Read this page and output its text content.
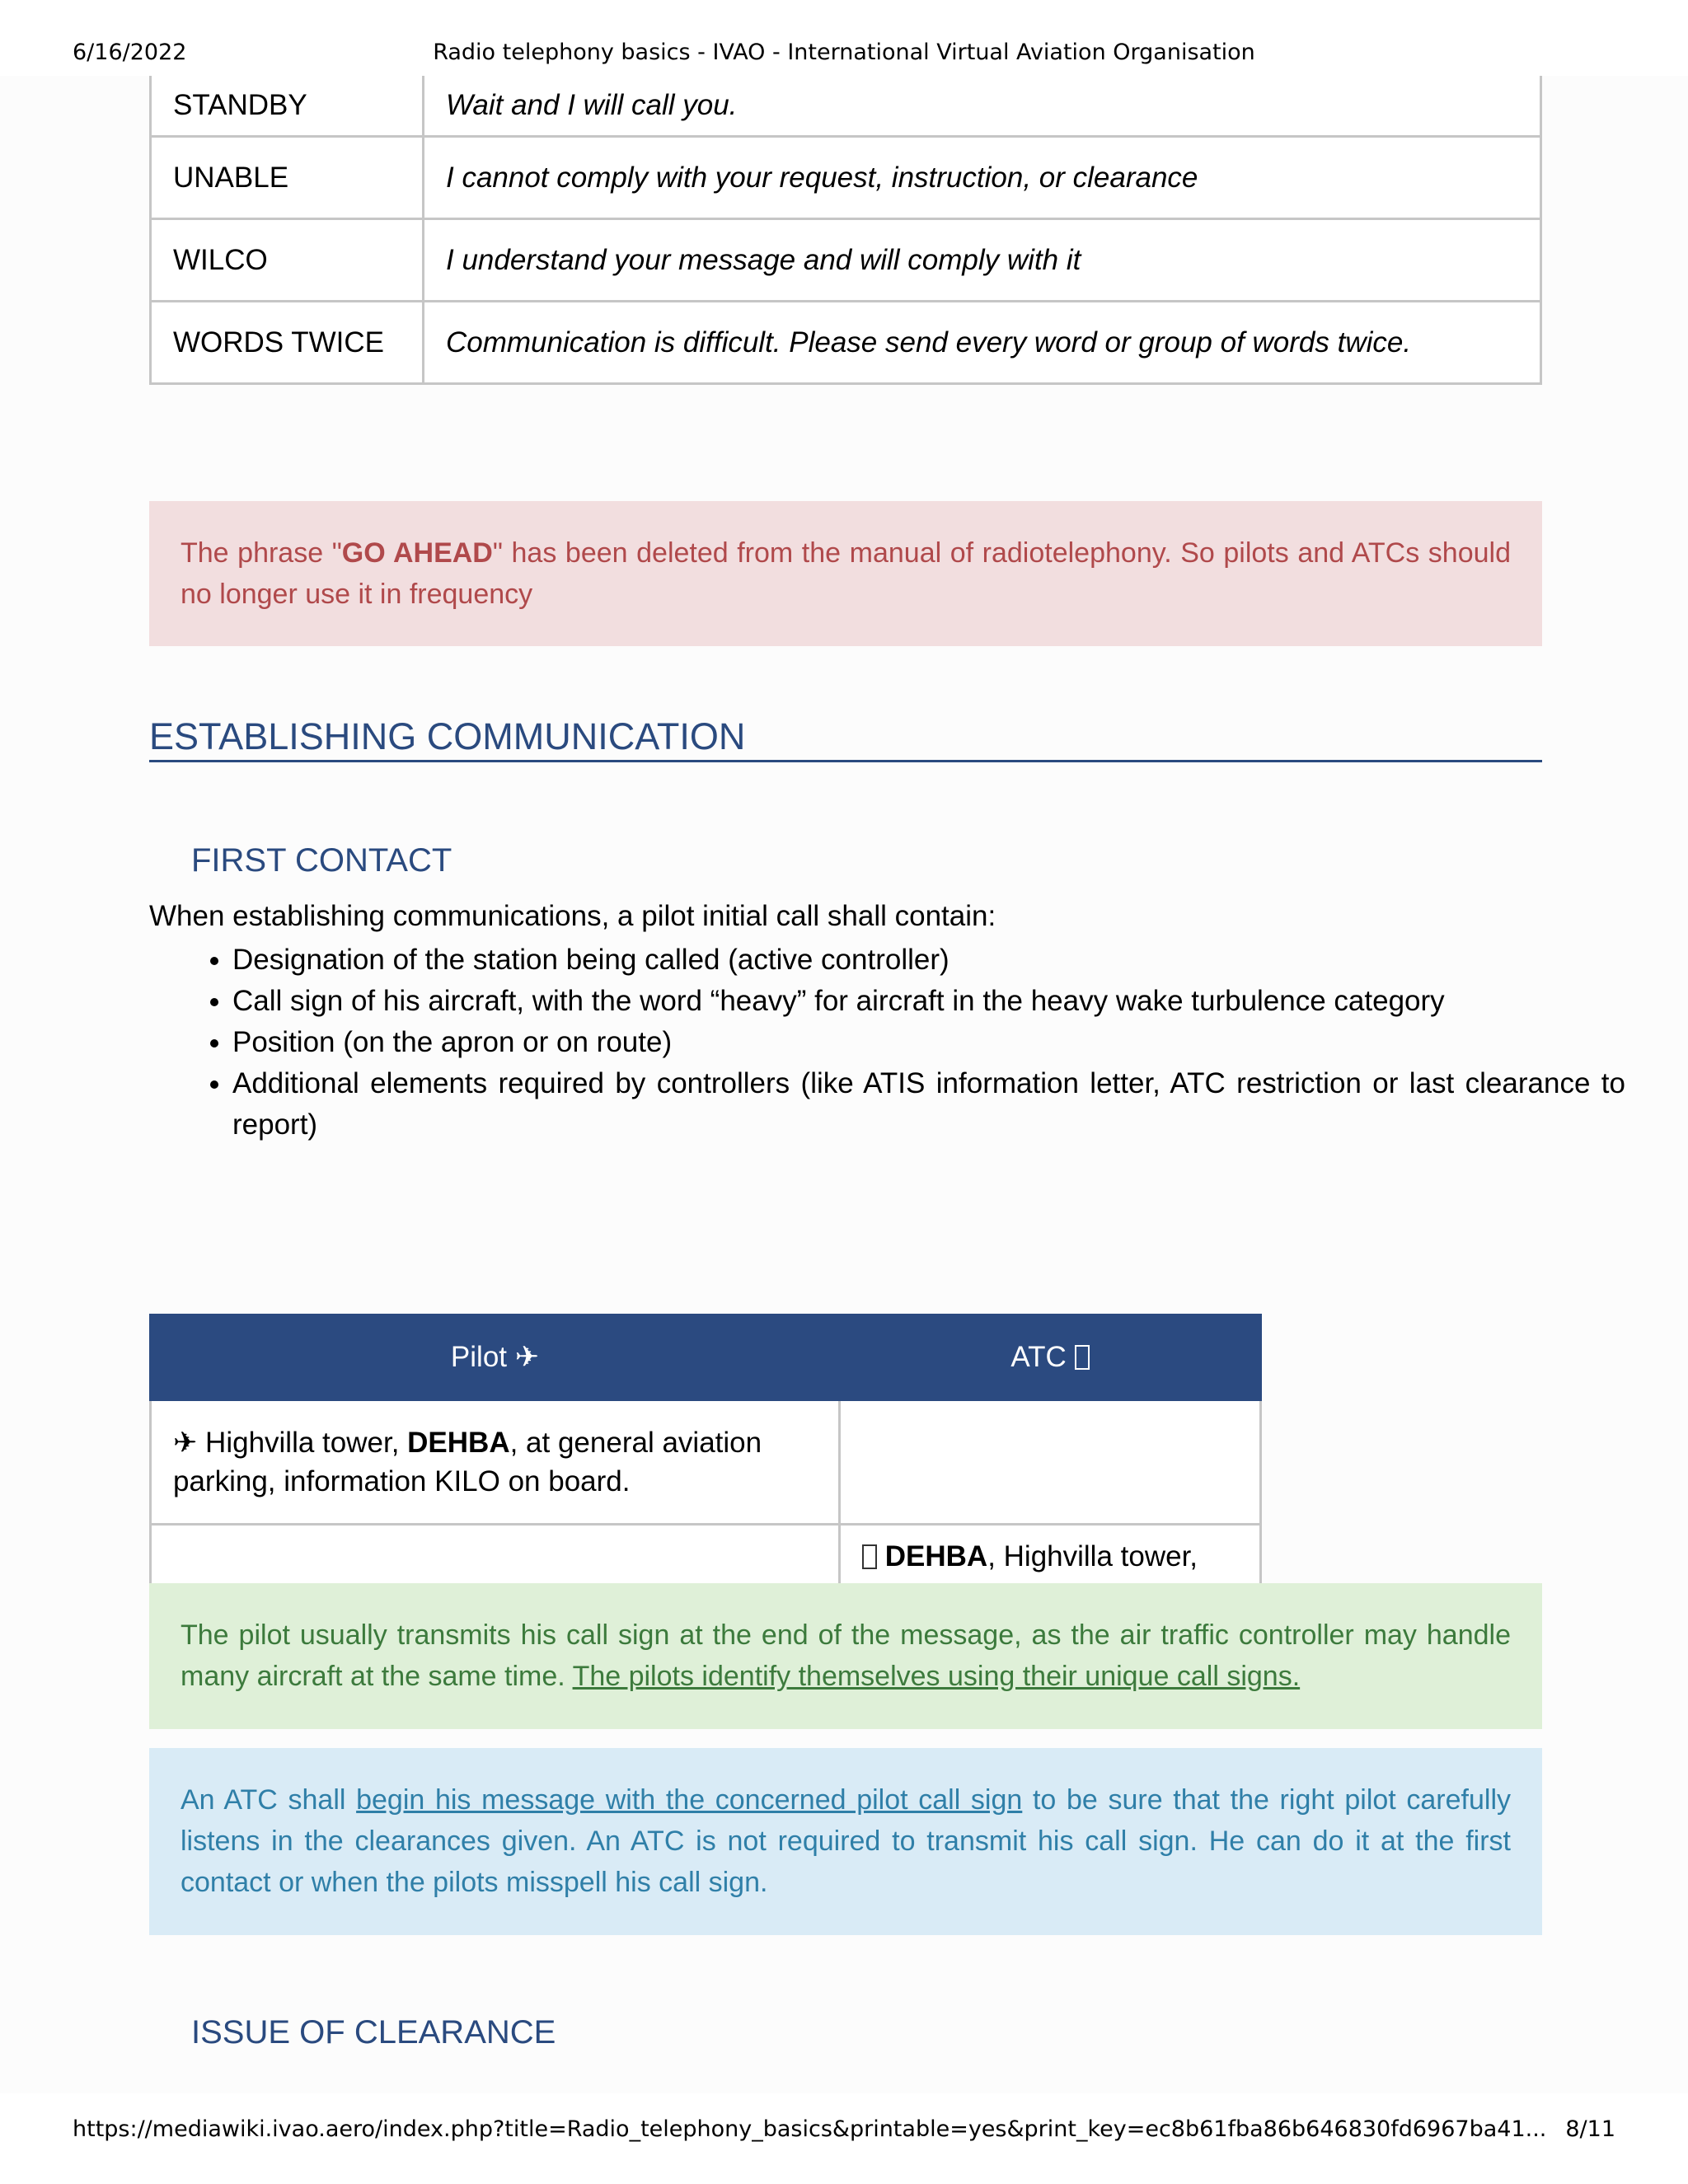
6/16/2022	Radio telephony basics - IVAO - International Virtual Aviation Organisation
STANDBY	Wait and I will call you.
UNABLE	I cannot comply with your request, instruction, or clearance
WILCO	I understand your message and will comply with it
WORDS TWICE	Communication is difficult. Please send every word or group of words twice.
The phrase "GO AHEAD" has been deleted from the manual of radiotelephony. So pilots and ATCs should no longer use it in frequency
ESTABLISHING COMMUNICATION
FIRST CONTACT
When establishing communications, a pilot initial call shall contain:
• Designation of the station being called (active controller)
• Call sign of his aircraft, with the word “heavy” for aircraft in the heavy wake turbulence category
• Position (on the apron or on route)
• Additional elements required by controllers (like ATIS information letter, ATC restriction or last clearance to report)
Pilot ✈	ATC
✈ Highvilla tower, DEHBA, at general aviation parking, information KILO on board.	
	DEHBA, Highvilla tower,
The pilot usually transmits his call sign at the end of the message, as the air traffic controller may handle many aircraft at the same time. The pilots identify themselves using their unique call signs.
An ATC shall begin his message with the concerned pilot call sign to be sure that the right pilot carefully listens in the clearances given. An ATC is not required to transmit his call sign. He can do it at the first contact or when the pilots misspell his call sign.
ISSUE OF CLEARANCE
https://mediawiki.ivao.aero/index.php?title=Radio_telephony_basics&printable=yes&print_key=ec8b61fba86b646830fd6967ba41... 8/11
